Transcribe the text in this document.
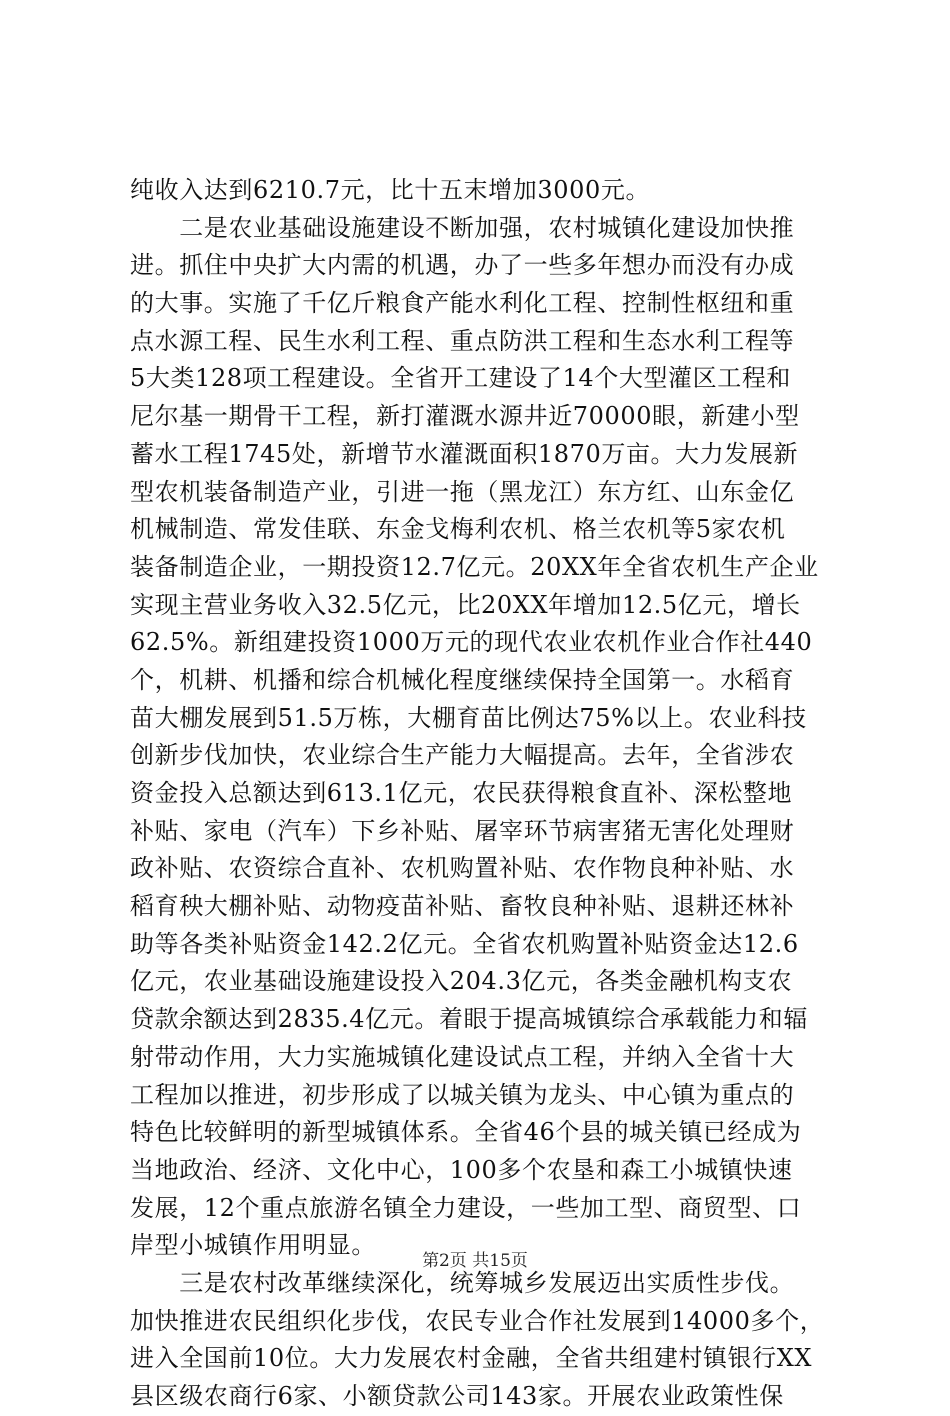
纯收入达到6210.7元，比十五末增加3000元。
　　二是农业基础设施建设不断加强，农村城镇化建设加快推
进。抓住中央扩大内需的机遇，办了一些多年想办而没有办成
的大事。实施了千亿斤粮食产能水利化工程、控制性枢纽和重
点水源工程、民生水利工程、重点防洪工程和生态水利工程等
5大类128项工程建设。全省开工建设了14个大型灌区工程和
尼尔基一期骨干工程，新打灌溉水源井近70000眼，新建小型
蓄水工程1745处，新增节水灌溉面积1870万亩。大力发展新
型农机装备制造产业，引进一拖（黑龙江）东方红、山东金亿
机械制造、常发佳联、东金戈梅利农机、格兰农机等5家农机
装备制造企业，一期投资12.7亿元。20XX年全省农机生产企业
实现主营业务收入32.5亿元，比20XX年增加12.5亿元，增长
62.5%。新组建投资1000万元的现代农业农机作业合作社440
个，机耕、机播和综合机械化程度继续保持全国第一。水稻育
苗大棚发展到51.5万栋，大棚育苗比例达75%以上。农业科技
创新步伐加快，农业综合生产能力大幅提高。去年，全省涉农
资金投入总额达到613.1亿元，农民获得粮食直补、深松整地
补贴、家电（汽车）下乡补贴、屠宰环节病害猪无害化处理财
政补贴、农资综合直补、农机购置补贴、农作物良种补贴、水
稻育秧大棚补贴、动物疫苗补贴、畜牧良种补贴、退耕还林补
助等各类补贴资金142.2亿元。全省农机购置补贴资金达12.6
亿元，农业基础设施建设投入204.3亿元，各类金融机构支农
贷款余额达到2835.4亿元。着眼于提高城镇综合承载能力和辐
射带动作用，大力实施城镇化建设试点工程，并纳入全省十大
工程加以推进，初步形成了以城关镇为龙头、中心镇为重点的
特色比较鲜明的新型城镇体系。全省46个县的城关镇已经成为
当地政治、经济、文化中心，100多个农垦和森工小城镇快速
发展，12个重点旅游名镇全力建设，一些加工型、商贸型、口
岸型小城镇作用明显。
　　三是农村改革继续深化，统筹城乡发展迈出实质性步伐。
加快推进农民组织化步伐，农民专业合作社发展到14000多个，
进入全国前10位。大力发展农村金融，全省共组建村镇银行XX
县区级农商行6家、小额贷款公司143家。开展农业政策性保
第2页 共15页
